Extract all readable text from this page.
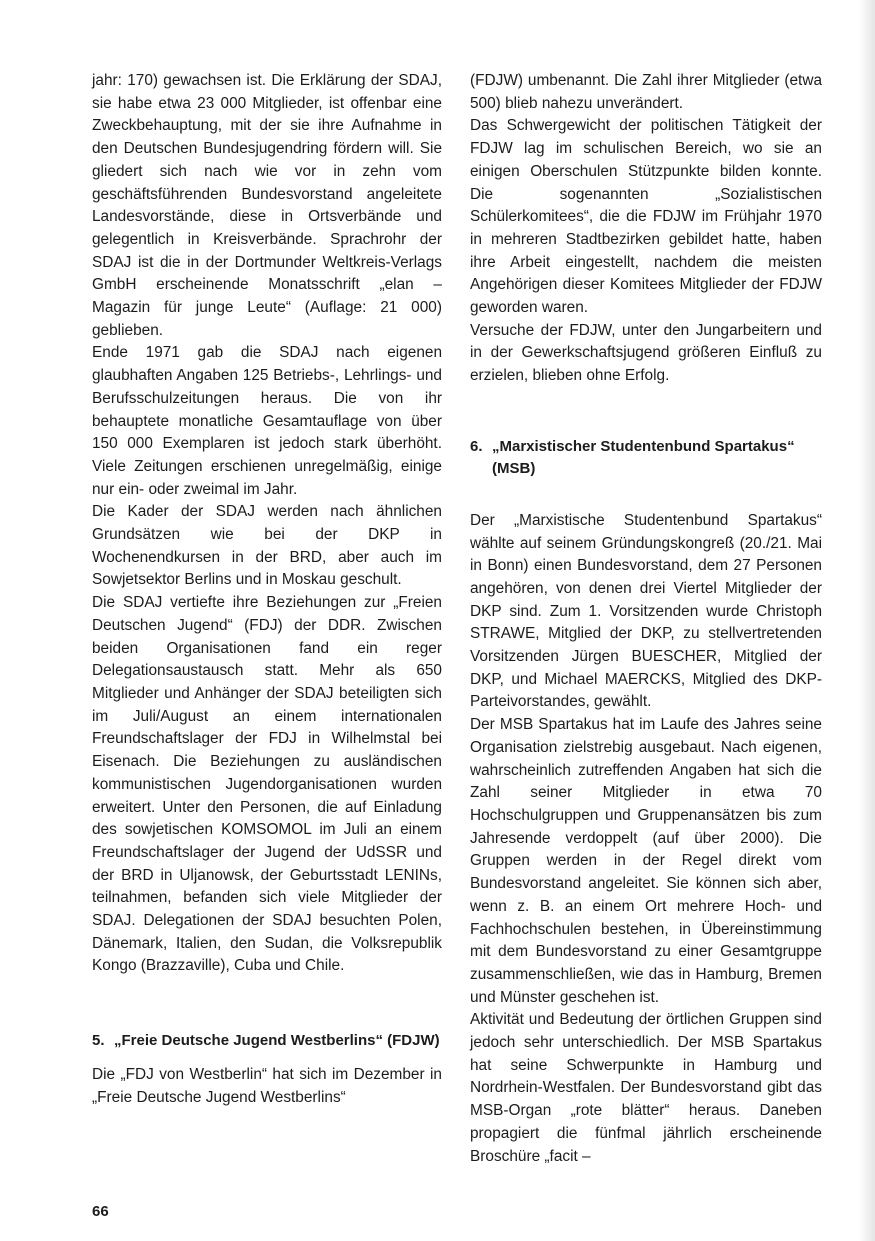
jahr: 170) gewachsen ist. Die Erklärung der SDAJ, sie habe etwa 23 000 Mitglieder, ist offenbar eine Zweckbehauptung, mit der sie ihre Aufnahme in den Deutschen Bundesjugendring fördern will. Sie gliedert sich nach wie vor in zehn vom geschäftsführenden Bundesvorstand angeleitete Landesvorstände, diese in Ortsverbände und gelegentlich in Kreisverbände. Sprachrohr der SDAJ ist die in der Dortmunder Weltkreis-Verlags GmbH erscheinende Monatsschrift „elan – Magazin für junge Leute“ (Auflage: 21 000) geblieben.

Ende 1971 gab die SDAJ nach eigenen glaubhaften Angaben 125 Betriebs-, Lehrlings- und Berufsschulzeitungen heraus. Die von ihr behauptete monatliche Gesamtauflage von über 150 000 Exemplaren ist jedoch stark überhöht. Viele Zeitungen erschienen unregelmäßig, einige nur ein- oder zweimal im Jahr.

Die Kader der SDAJ werden nach ähnlichen Grundsätzen wie bei der DKP in Wochenendkursen in der BRD, aber auch im Sowjetsektor Berlins und in Moskau geschult.

Die SDAJ vertiefte ihre Beziehungen zur „Freien Deutschen Jugend“ (FDJ) der DDR. Zwischen beiden Organisationen fand ein reger Delegationsaustausch statt. Mehr als 650 Mitglieder und Anhänger der SDAJ beteiligten sich im Juli/August an einem internationalen Freundschaftslager der FDJ in Wilhelmstal bei Eisenach. Die Beziehungen zu ausländischen kommunistischen Jugendorganisationen wurden erweitert. Unter den Personen, die auf Einladung des sowjetischen KOMSOMOL im Juli an einem Freundschaftslager der Jugend der UdSSR und der BRD in Uljanowsk, der Geburtsstadt LENINs, teilnahmen, befanden sich viele Mitglieder der SDAJ. Delegationen der SDAJ besuchten Polen, Dänemark, Italien, den Sudan, die Volksrepublik Kongo (Brazzaville), Cuba und Chile.

5. „Freie Deutsche Jugend Westberlins“ (FDJW)

Die „FDJ von Westberlin“ hat sich im Dezember in „Freie Deutsche Jugend Westberlins“

(FDJW) umbenannt. Die Zahl ihrer Mitglieder (etwa 500) blieb nahezu unverändert.

Das Schwergewicht der politischen Tätigkeit der FDJW lag im schulischen Bereich, wo sie an einigen Oberschulen Stützpunkte bilden konnte. Die sogenannten „Sozialistischen Schülerkomitees“, die die FDJW im Frühjahr 1970 in mehreren Stadtbezirken gebildet hatte, haben ihre Arbeit eingestellt, nachdem die meisten Angehörigen dieser Komitees Mitglieder der FDJW geworden waren.

Versuche der FDJW, unter den Jungarbeitern und in der Gewerkschaftsjugend größeren Einfluß zu erzielen, blieben ohne Erfolg.

6. „Marxistischer Studentenbund Spartakus“ (MSB)

Der „Marxistische Studentenbund Spartakus“ wählte auf seinem Gründungskongreß (20./21. Mai in Bonn) einen Bundesvorstand, dem 27 Personen angehören, von denen drei Viertel Mitglieder der DKP sind. Zum 1. Vorsitzenden wurde Christoph STRAWE, Mitglied der DKP, zu stellvertretenden Vorsitzenden Jürgen BUESCHER, Mitglied der DKP, und Michael MAERCKS, Mitglied des DKP-Parteivorstandes, gewählt.

Der MSB Spartakus hat im Laufe des Jahres seine Organisation zielstrebig ausgebaut. Nach eigenen, wahrscheinlich zutreffenden Angaben hat sich die Zahl seiner Mitglieder in etwa 70 Hochschulgruppen und Gruppenansätzen bis zum Jahresende verdoppelt (auf über 2000). Die Gruppen werden in der Regel direkt vom Bundesvorstand angeleitet. Sie können sich aber, wenn z. B. an einem Ort mehrere Hoch- und Fachhochschulen bestehen, in Übereinstimmung mit dem Bundesvorstand zu einer Gesamtgruppe zusammenschließen, wie das in Hamburg, Bremen und Münster geschehen ist.

Aktivität und Bedeutung der örtlichen Gruppen sind jedoch sehr unterschiedlich. Der MSB Spartakus hat seine Schwerpunkte in Hamburg und Nordrhein-Westfalen. Der Bundesvorstand gibt das MSB-Organ „rote blätter“ heraus. Daneben propagiert die fünfmal jährlich erscheinende Broschüre „facit –

66
